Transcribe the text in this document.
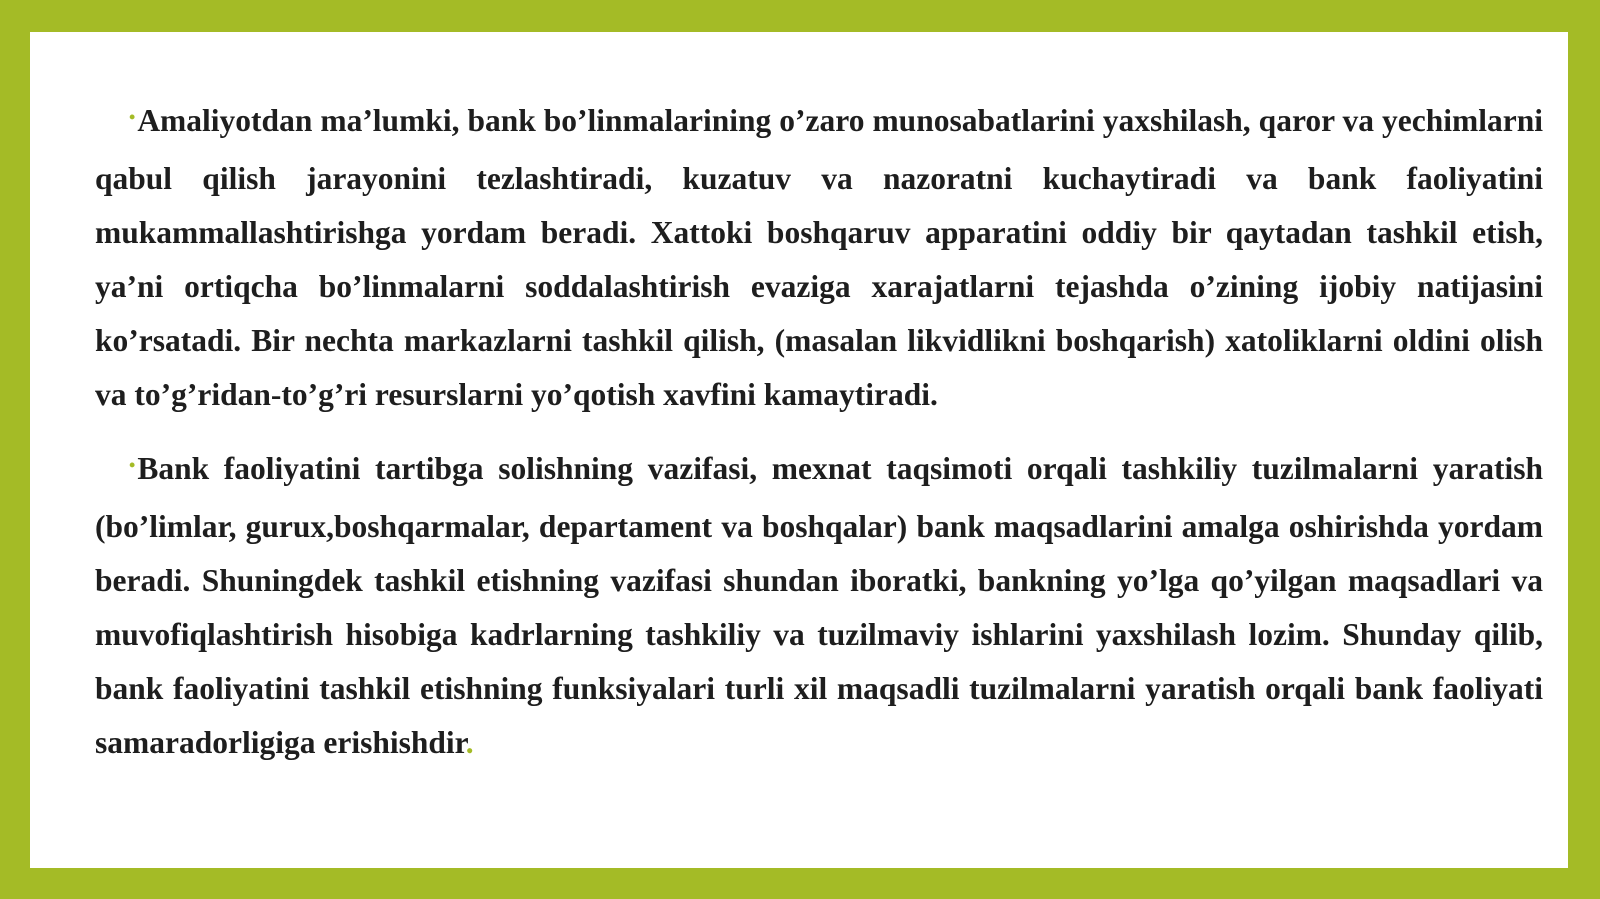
•Amaliyotdan ma’lumki, bank bo’linmalarining o’zaro munosabatlarini yaxshilash, qaror va yechimlarni qabul qilish jarayonini tezlashtiradi, kuzatuv va nazoratni kuchaytiradi va bank faoliyatini mukammallashtirishga yordam beradi. Xattoki boshqaruv apparatini oddiy bir qaytadan tashkil etish, ya’ni ortiqcha bo’linmalarni soddalashtirish evaziga xarajatlarni tejashda o’zining ijobiy natijasini ko’rsatadi. Bir nechta markazlarni tashkil qilish, (masalan likvidlikni boshqarish) xatoliklarni oldini olish va to’g’ridan-to’g’ri resurslarni yo’qotish xavfini kamaytiradi.

•Bank faoliyatini tartibga solishning vazifasi, mexnat taqsimoti orqali tashkiliy tuzilmalarni yaratish (bo’limlar, gurux,boshqarmalar, departament va boshqalar) bank maqsadlarini amalga oshirishda yordam beradi. Shuningdek tashkil etishning vazifasi shundan iboratki, bankning yo’lga qo’yilgan maqsadlari va muvofiqlashtirish hisobiga kadrlarning tashkiliy va tuzilmaviy ishlarini yaxshilash lozim. Shunday qilib, bank faoliyatini tashkil etishning funksiyalari turli xil maqsadli tuzilmalarni yaratish orqali bank faoliyati samaradorligiga erishishdir.
